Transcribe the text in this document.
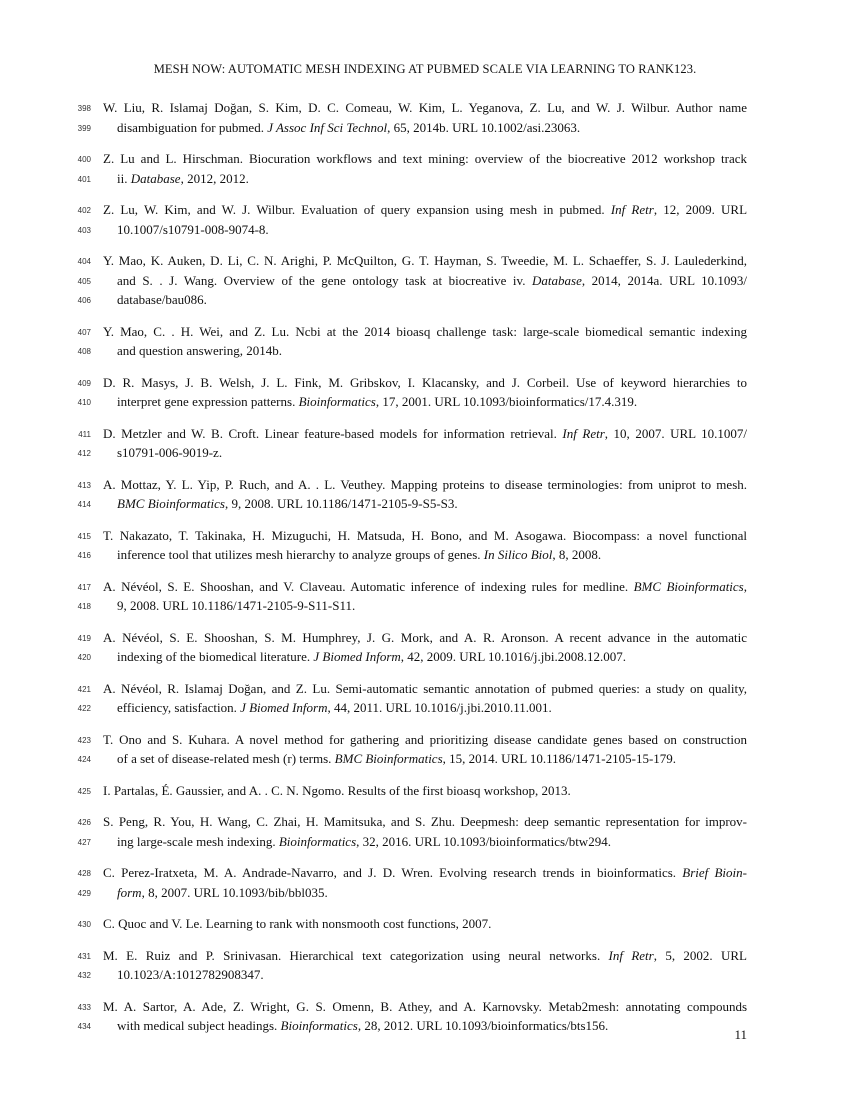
MESH NOW: AUTOMATIC MESH INDEXING AT PUBMED SCALE VIA LEARNING TO RANK123.
398 W. Liu, R. Islamaj Doğan, S. Kim, D. C. Comeau, W. Kim, L. Yeganova, Z. Lu, and W. J. Wilbur. Author name
399 disambiguation for pubmed. J Assoc Inf Sci Technol, 65, 2014b. URL 10.1002/asi.23063.
400 Z. Lu and L. Hirschman. Biocuration workflows and text mining: overview of the biocreative 2012 workshop track
401 ii. Database, 2012, 2012.
402 Z. Lu, W. Kim, and W. J. Wilbur. Evaluation of query expansion using mesh in pubmed. Inf Retr, 12, 2009. URL
403 10.1007/s10791-008-9074-8.
404 Y. Mao, K. Auken, D. Li, C. N. Arighi, P. McQuilton, G. T. Hayman, S. Tweedie, M. L. Schaeffer, S. J. Laulederkind,
405 and S. . J. Wang. Overview of the gene ontology task at biocreative iv. Database, 2014, 2014a. URL 10.1093/
406 database/bau086.
407 Y. Mao, C. . H. Wei, and Z. Lu. Ncbi at the 2014 bioasq challenge task: large-scale biomedical semantic indexing
408 and question answering, 2014b.
409 D. R. Masys, J. B. Welsh, J. L. Fink, M. Gribskov, I. Klacansky, and J. Corbeil. Use of keyword hierarchies to
410 interpret gene expression patterns. Bioinformatics, 17, 2001. URL 10.1093/bioinformatics/17.4.319.
411 D. Metzler and W. B. Croft. Linear feature-based models for information retrieval. Inf Retr, 10, 2007. URL 10.1007/
412 s10791-006-9019-z.
413 A. Mottaz, Y. L. Yip, P. Ruch, and A. . L. Veuthey. Mapping proteins to disease terminologies: from uniprot to mesh.
414 BMC Bioinformatics, 9, 2008. URL 10.1186/1471-2105-9-S5-S3.
415 T. Nakazato, T. Takinaka, H. Mizuguchi, H. Matsuda, H. Bono, and M. Asogawa. Biocompass: a novel functional
416 inference tool that utilizes mesh hierarchy to analyze groups of genes. In Silico Biol, 8, 2008.
417 A. Névéol, S. E. Shooshan, and V. Claveau. Automatic inference of indexing rules for medline. BMC Bioinformatics,
418 9, 2008. URL 10.1186/1471-2105-9-S11-S11.
419 A. Névéol, S. E. Shooshan, S. M. Humphrey, J. G. Mork, and A. R. Aronson. A recent advance in the automatic
420 indexing of the biomedical literature. J Biomed Inform, 42, 2009. URL 10.1016/j.jbi.2008.12.007.
421 A. Névéol, R. Islamaj Doğan, and Z. Lu. Semi-automatic semantic annotation of pubmed queries: a study on quality,
422 efficiency, satisfaction. J Biomed Inform, 44, 2011. URL 10.1016/j.jbi.2010.11.001.
423 T. Ono and S. Kuhara. A novel method for gathering and prioritizing disease candidate genes based on construction
424 of a set of disease-related mesh (r) terms. BMC Bioinformatics, 15, 2014. URL 10.1186/1471-2105-15-179.
425 I. Partalas, É. Gaussier, and A. . C. N. Ngomo. Results of the first bioasq workshop, 2013.
426 S. Peng, R. You, H. Wang, C. Zhai, H. Mamitsuka, and S. Zhu. Deepmesh: deep semantic representation for improv-
427 ing large-scale mesh indexing. Bioinformatics, 32, 2016. URL 10.1093/bioinformatics/btw294.
428 C. Perez-Iratxeta, M. A. Andrade-Navarro, and J. D. Wren. Evolving research trends in bioinformatics. Brief Bioin-
429 form, 8, 2007. URL 10.1093/bib/bbl035.
430 C. Quoc and V. Le. Learning to rank with nonsmooth cost functions, 2007.
431 M. E. Ruiz and P. Srinivasan. Hierarchical text categorization using neural networks. Inf Retr, 5, 2002. URL
432 10.1023/A:1012782908347.
433 M. A. Sartor, A. Ade, Z. Wright, G. S. Omenn, B. Athey, and A. Karnovsky. Metab2mesh: annotating compounds
434 with medical subject headings. Bioinformatics, 28, 2012. URL 10.1093/bioinformatics/bts156.
11
